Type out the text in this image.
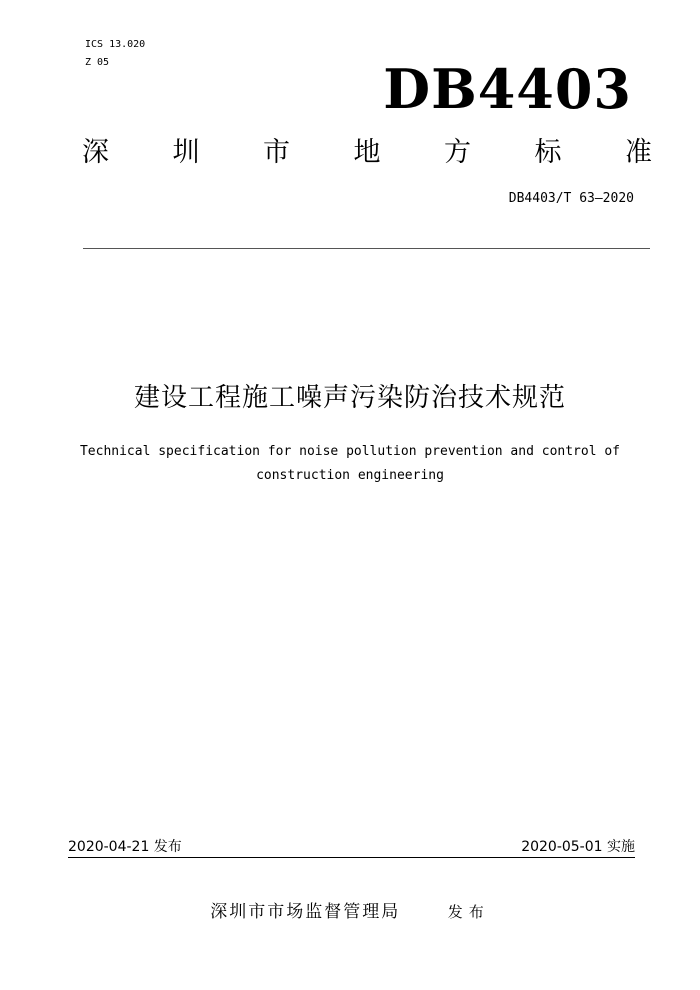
ICS 13.020
Z 05	DB4403
深 圳 市 地 方 标 准
DB4403/T 63—2020
建设工程施工噪声污染防治技术规范
Technical specification for noise pollution prevention and control of
construction engineering
2020-04-21 发布	2020-05-01 实施
深圳市市场监督管理局	发布
